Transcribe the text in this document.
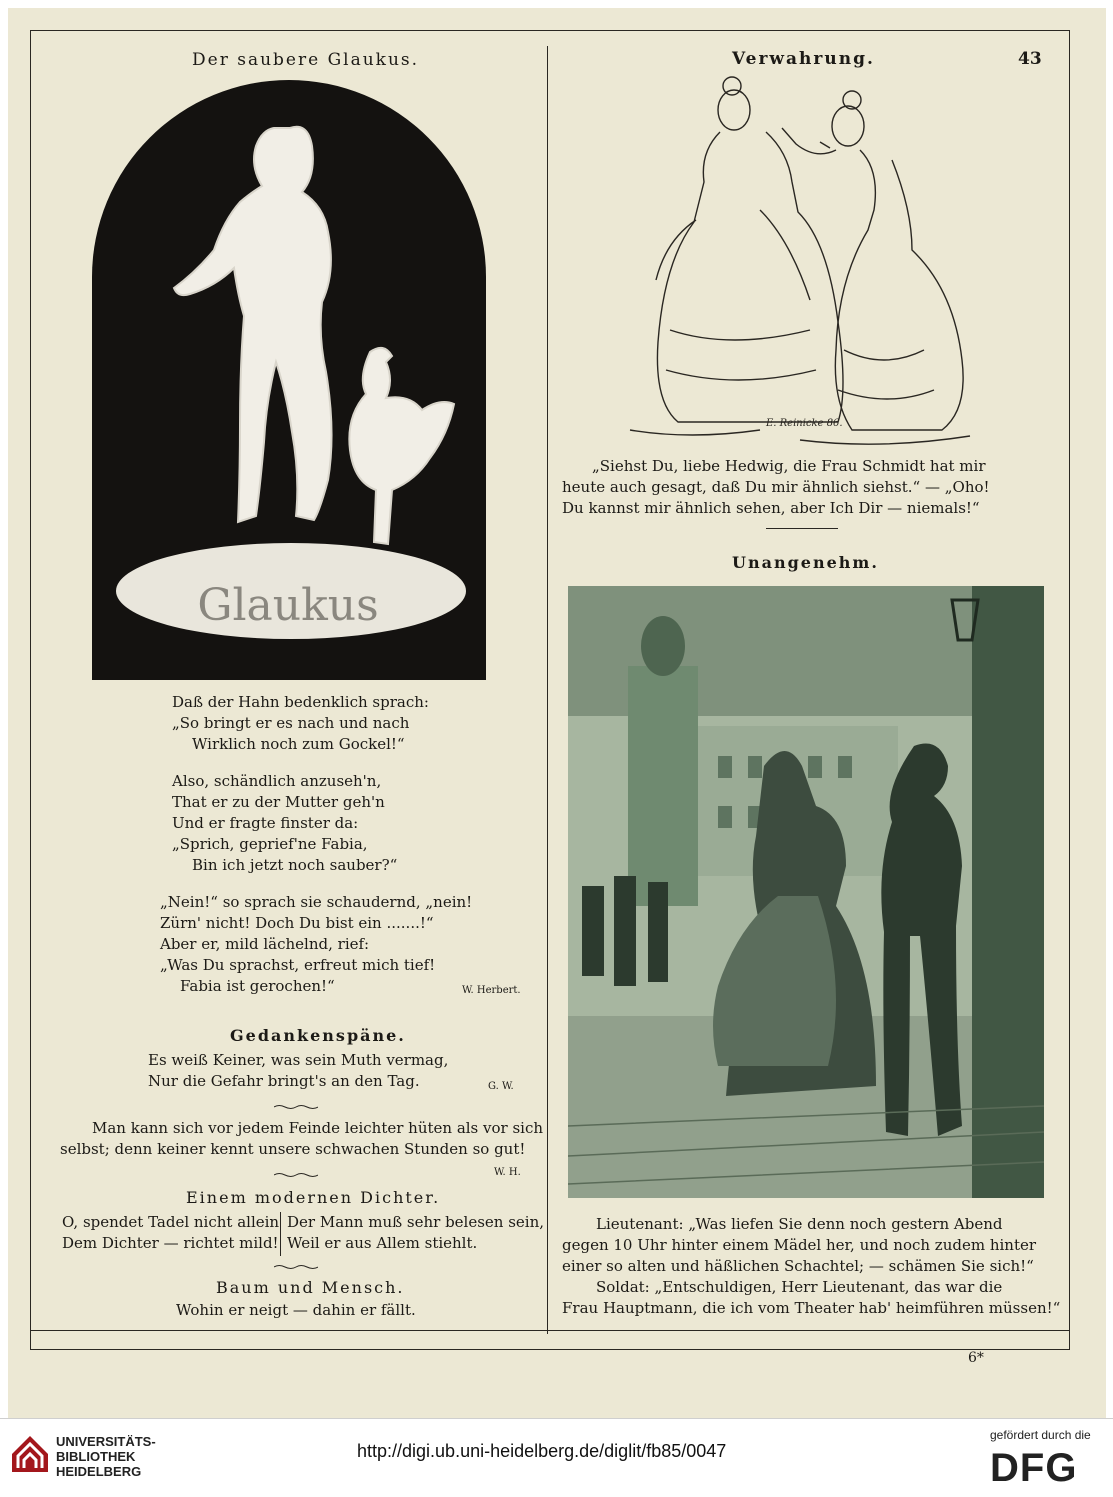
Der saubere Glaukus.	Verwahrung.	43
Glaukus
Daß der Hahn bedenklich sprach:
„So bringt er es nach und nach
Wirklich noch zum Gockel!“
Also, schändlich anzuseh'n,
That er zu der Mutter geh'n
Und er fragte finster da:
„Sprich, geprief'ne Fabia,
Bin ich jetzt noch sauber?“
„Nein!“ so sprach sie schaudernd, „nein!
Zürn' nicht! Doch Du bist ein .......!“
Aber er, mild lächelnd, rief:
„Was Du sprachst, erfreut mich tief!
Fabia ist gerochen!“	W. Herbert.
Gedankenspäne.
Es weiß Keiner, was sein Muth vermag,
Nur die Gefahr bringt's an den Tag.	G. W.
Man kann sich vor jedem Feinde leichter hüten als vor sich
selbst; denn keiner kennt unsere schwachen Stunden so gut!
W. H.
Einem modernen Dichter.
O, spendet Tadel nicht allein
Dem Dichter — richtet mild!
Der Mann muß sehr belesen sein,
Weil er aus Allem stiehlt.
Baum und Mensch.
Wohin er neigt — dahin er fällt.
E. Reinicke 86.
„Siehst Du, liebe Hedwig, die Frau Schmidt hat mir
heute auch gesagt, daß Du mir ähnlich siehst.“ — „Oho!
Du kannst mir ähnlich sehen, aber Ich Dir — niemals!“
Unangenehm.
Lieutenant: „Was liefen Sie denn noch gestern Abend
gegen 10 Uhr hinter einem Mädel her, und noch zudem hinter
einer so alten und häßlichen Schachtel; — schämen Sie sich!“
Soldat: „Entschuldigen, Herr Lieutenant, das war die
Frau Hauptmann, die ich vom Theater hab' heimführen müssen!“
6*
UNIVERSITÄTS-
BIBLIOTHEK
HEIDELBERG
http://digi.ub.uni-heidelberg.de/diglit/fb85/0047
gefördert durch die
DFG
